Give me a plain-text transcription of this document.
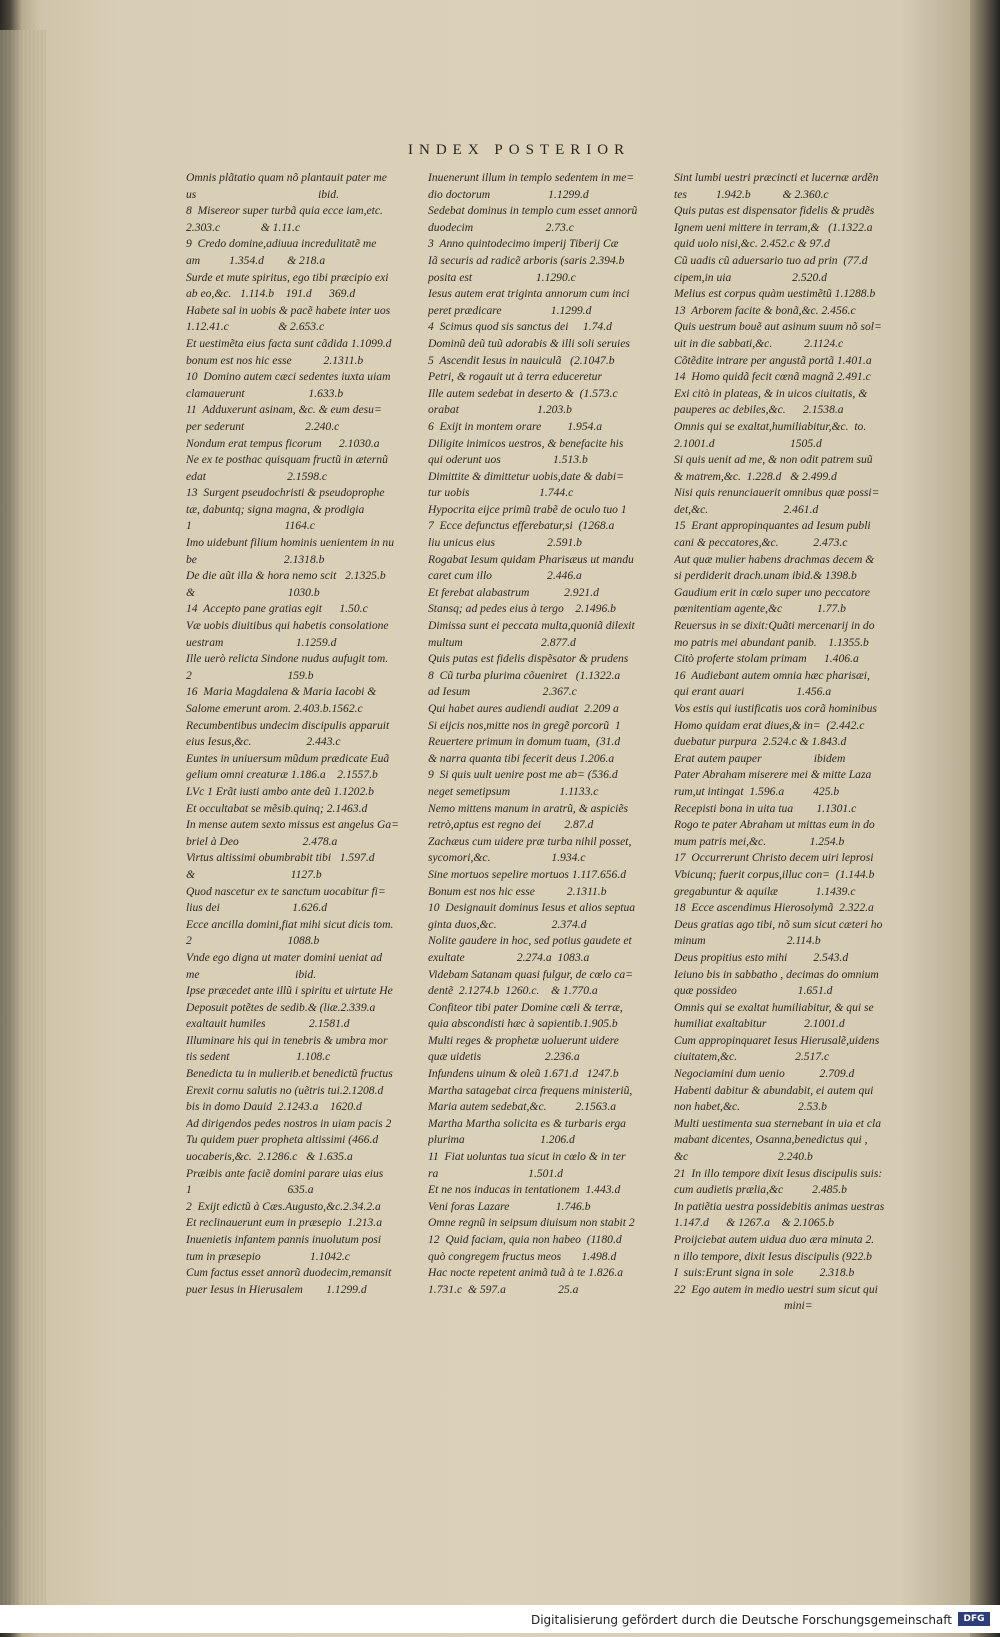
INDEX POSTERIOR
Omnis plãtatio quam nõ plantauit pater me
us                                          ibid.
8  Misereor super turbã quia ecce iam,etc.
2.303.c              & 1.11.c
9  Credo domine,adiuua incredulitatẽ me
am          1.354.d        & 218.a
Surde et mute spiritus, ego tibi præcipio exi
ab eo,&c.   1.114.b    191.d      369.d
Habete sal in uobis & pacẽ habete inter uos
1.12.41.c                 & 2.653.c
Et uestimẽta eius facta sunt cãdida 1.1099.d
bonum est nos hic esse           2.1311.b
10  Domino autem cæci sedentes iuxta uiam
clamauerunt                      1.633.b
11  Adduxerunt asinam, &c. & eum desu=
per sederunt                     2.240.c
Nondum erat tempus ficorum      2.1030.a
Ne ex te posthac quisquam fructũ in æternũ
edat                            2.1598.c
13  Surgent pseudochristi & pseudoprophe
tæ, dabuntq; signa magna, & prodigia
1                                1164.c
Imo uidebunt filium hominis uenientem in nu
be                              2.1318.b
De die aũt illa & hora nemo scit   2.1325.b
&                                1030.b
14  Accepto pane gratias egit      1.50.c
Væ uobis diuitibus qui habetis consolatione
uestram                         1.1259.d
Ille uerò relicta Sindone nudus aufugit tom.
2                                 159.b
16  Maria Magdalena & Maria Iacobi &
Salome emerunt arom. 2.403.b.1562.c
Recumbentibus undecim discipulis apparuit
eius Iesus,&c.                   2.443.c
Euntes in uniuersum mũdum prædicate Euã
gelium omni creaturæ 1.186.a    2.1557.b
LVc 1 Erãt iusti ambo ante deũ 1.1202.b
Et occultabat se mẽsib.quinq; 2.1463.d
In mense autem sexto missus est angelus Ga=
briel à Deo                      2.478.a
Virtus altissimi obumbrabit tibi   1.597.d
&                                 1127.b
Quod nascetur ex te sanctum uocabitur fi=
lius dei                         1.626.d
Ecce ancilla domini,fiat mihi sicut dicis tom.
2                                 1088.b
Vnde ego digna ut mater domini ueniat ad
me                                 ibid.
Ipse præcedet ante illũ i spiritu et uirtute He
Deposuit potẽtes de sedib.& (liæ.2.339.a
exaltauit humiles               2.1581.d
Illuminare his qui in tenebris & umbra mor
tis sedent                       1.108.c
Benedicta tu in mulierib.et benedictũ fructus
Erexit cornu salutis no (uẽtris tui.2.1208.d
bis in domo Dauid  2.1243.a    1620.d
Ad dirigendos pedes nostros in uiam pacis 2
Tu quidem puer propheta altissimi (466.d
uocaberis,&c.  2.1286.c   & 1.635.a
Præibis ante faciẽ domini parare uias eius
1                                 635.a
2  Exijt edictũ à Cæs.Augusto,&c.2.34.2.a
Et reclinauerunt eum in præsepio  1.213.a
Inuenietis infantem pannis inuolutum posi
tum in præsepio                 1.1042.c
Cum factus esset annorũ duodecim,remansit
puer Iesus in Hierusalem        1.1299.d
Inuenerunt illum in templo sedentem in me=
dio doctorum                    1.1299.d
Sedebat dominus in templo cum esset annorũ
duodecim                         2.73.c
3  Anno quintodecimo imperij Tiberij Cæ
Iã securis ad radicẽ arboris (saris 2.394.b
posita est                      1.1290.c
Iesus autem erat triginta annorum cum inci
peret prædicare                 1.1299.d
4  Scimus quod sis sanctus dei     1.74.d
Dominũ deũ tuũ adorabis & illi soli seruies
5  Ascendit Iesus in nauiculã   (2.1047.b
Petri, & rogauit ut à terra educeretur
Ille autem sedebat in deserto &  (1.573.c
orabat                           1.203.b
6  Exijt in montem orare         1.954.a
Diligite inimicos uestros, & benefacite his
qui oderunt uos                  1.513.b
Dimittite & dimittetur uobis,date & dabi=
tur uobis                        1.744.c
Hypocrita eijce primũ trabẽ de oculo tuo 1
7  Ecce defunctus efferebatur,si  (1268.a
liu unicus eius                  2.591.b
Rogabat Iesum quidam Pharisæus ut mandu
caret cum illo                   2.446.a
Et ferebat alabastrum            2.921.d
Stansq; ad pedes eius à tergo    2.1496.b
Dimissa sunt ei peccata multa,quoniã dilexit
multum                           2.877.d
Quis putas est fidelis dispẽsator & prudens
8  Cũ turba plurima cõueniret   (1.1322.a
ad Iesum                         2.367.c
Qui habet aures audiendi audiat  2.209 a
Si eijcis nos,mitte nos in gregẽ porcorũ  1
Reuertere primum in domum tuam,  (31.d
& narra quanta tibi fecerit deus 1.206.a
9  Si quis uult uenire post me ab= (536.d
neget semetipsum                 1.1133.c
Nemo mittens manum in aratrũ, & aspiciẽs
retrò,aptus est regno dei        2.87.d
Zachæus cum uidere præ turba nihil posset,
sycomori,&c.                     1.934.c
Sine mortuos sepelire mortuos 1.117.656.d
Bonum est nos hic esse           2.1311.b
10  Designauit dominus Iesus et alios septua
ginta duos,&c.                   2.374.d
Nolite gaudere in hoc, sed potius gaudete et
exultate                  2.274.a  1083.a
Videbam Satanam quasi fulgur, de cœlo ca=
dentẽ  2.1274.b  1260.c.    & 1.770.a
Confiteor tibi pater Domine cœli & terræ,
quia abscondisti hæc à sapientib.1.905.b
Multi reges & prophetæ uoluerunt uidere
quæ uidetis                      2.236.a
Infundens uinum & oleũ 1.671.d   1247.b
Martha satagebat circa frequens ministeriũ,
Maria autem sedebat,&c.          2.1563.a
Martha Martha solicita es & turbaris erga
plurima                          1.206.d
11  Fiat uoluntas tua sicut in cœlo & in ter
ra                               1.501.d
Et ne nos inducas in tentationem  1.443.d
Veni foras Lazare                1.746.b
Omne regnũ in seipsum diuisum non stabit 2
12  Quid faciam, quia non habeo  (1180.d
quò congregem fructus meos       1.498.d
Hac nocte repetent animã tuã à te 1.826.a
1.731.c  & 597.a                  25.a
Sint lumbi uestri præcincti et lucernæ ardẽn
tes          1.942.b           & 2.360.c
Quis putas est dispensator fidelis & prudẽs
Ignem ueni mittere in terram,&   (1.1322.a
quid uolo nisi,&c. 2.452.c & 97.d
Cũ uadis cũ aduersario tuo ad prin  (77.d
cipem,in uia                     2.520.d
Melius est corpus quàm uestimẽtũ 1.1288.b
13  Arborem facite & bonã,&c. 2.456.c
Quis uestrum bouẽ aut asinum suum nõ sol=
uit in die sabbati,&c.           2.1124.c
Cõtẽdite intrare per angustã portã 1.401.a
14  Homo quidã fecit cœnã magnã 2.491.c
Exi citò in plateas, & in uicos ciuitatis, &
pauperes ac debiles,&c.      2.1538.a
Omnis qui se exaltat,humiliabitur,&c.  to.
2.1001.d                          1505.d
Si quis uenit ad me, & non odit patrem suũ
& matrem,&c.  1.228.d   & 2.499.d
Nisi quis renunciauerit omnibus quæ possi=
det,&c.                          2.461.d
15  Erant appropinquantes ad Iesum publi
cani & peccatores,&c.            2.473.c
Aut quæ mulier habens drachmas decem &
si perdiderit drach.unam ibid.& 1398.b
Gaudium erit in cœlo super uno peccatore
pœnitentiam agente,&c            1.77.b
Reuersus in se dixit:Quãti mercenarij in do
mo patris mei abundant panib.    1.1355.b
Citò proferte stolam primam      1.406.a
16  Audiebant autem omnia hæc pharisæi,
qui erant auari                  1.456.a
Vos estis qui iustificatis uos corã hominibus
Homo quidam erat diues,& in=  (2.442.c
duebatur purpura  2.524.c & 1.843.d
Erat autem pauper                  ibidem
Pater Abraham miserere mei & mitte Laza
rum,ut intingat  1.596.a          425.b
Recepisti bona in uita tua        1.1301.c
Rogo te pater Abraham ut mittas eum in do
mum patris mei,&c.               1.254.b
17  Occurrerunt Christo decem uiri leprosi
Vbicunq; fuerit corpus,illuc con=  (1.144.b
gregabuntur & aquilæ             1.1439.c
18  Ecce ascendimus Hierosolymã  2.322.a
Deus gratias ago tibi, nõ sum sicut cæteri ho
minum                            2.114.b
Deus propitius esto mihi         2.543.d
Ieiuno bis in sabbatho , decimas do omnium
quæ possideo                     1.651.d
Omnis qui se exaltat humiliabitur, & qui se
humiliat exaltabitur             2.1001.d
Cum appropinquaret Iesus Hierusalẽ,uidens
ciuitatem,&c.                    2.517.c
Negociamini dum uenio            2.709.d
Habenti dabitur & abundabit, ei autem qui
non habet,&c.                    2.53.b
Multi uestimenta sua sternebant in uia et cla
mabant dicentes, Osanna,benedictus qui ,
&c                               2.240.b
21  In illo tempore dixit Iesus discipulis suis:
cum audietis prælia,&c          2.485.b
In patiẽtia uestra possidebitis animas uestras
1.147.d      & 1267.a    & 2.1065.b
Proijciebat autem uidua duo æra minuta 2.
n illo tempore, dixit Iesus discipulis (922.b
I  suis:Erunt signa in sole         2.318.b
22  Ego autem in medio uestri sum sicut qui
mini=
Digitalisierung gefördert durch die Deutsche Forschungsgemeinschaft	DFG
